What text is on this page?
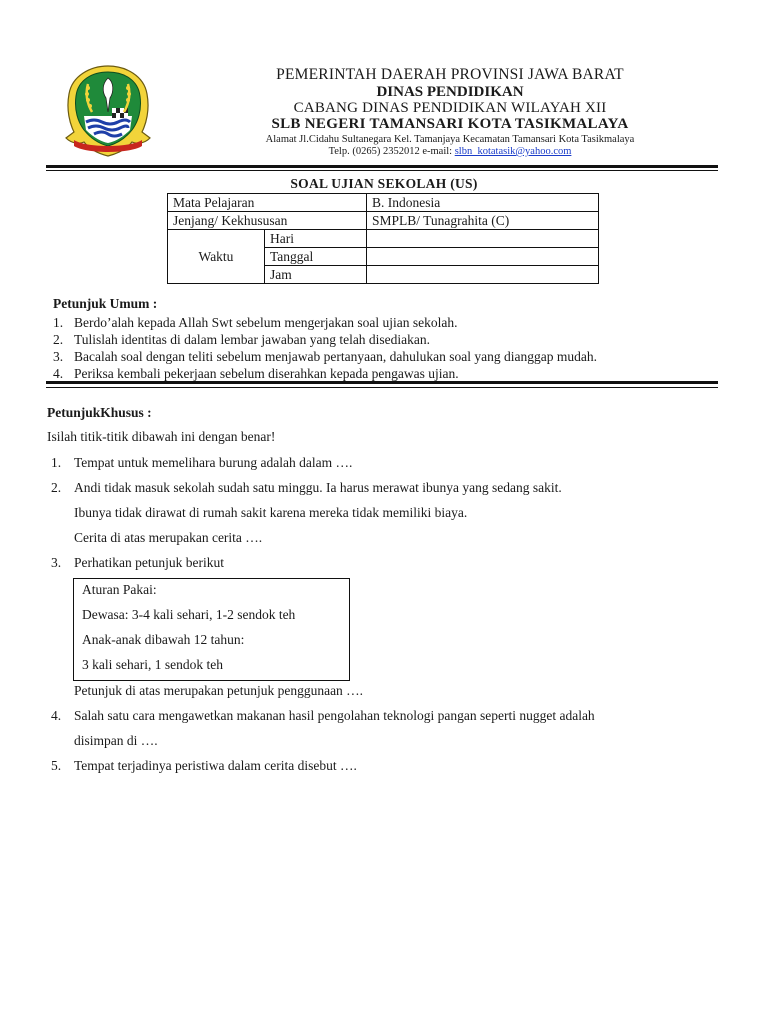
PEMERINTAH DAERAH PROVINSI JAWA BARAT
DINAS PENDIDIKAN
CABANG DINAS PENDIDIKAN WILAYAH XII
SLB NEGERI TAMANSARI KOTA TASIKMALAYA
Alamat Jl.Cidahu Sultanegara Kel. Tamanjaya Kecamatan Tamansari Kota Tasikmalaya
Telp. (0265) 2352012 e-mail: slbn_kotatasik@yahoo.com
SOAL UJIAN SEKOLAH (US)
Mata Pelajaran		B. Indonesia
Jenjang/ Kekhususan		SMPLB/ Tunagrahita (C)
Waktu	Hari	
	Tanggal	
	Jam	
Petunjuk Umum :
1. Berdo’alah kepada Allah Swt sebelum mengerjakan soal ujian sekolah.
2. Tulislah identitas di dalam lembar jawaban yang telah disediakan.
3. Bacalah soal dengan teliti sebelum menjawab pertanyaan, dahulukan soal yang dianggap mudah.
4. Periksa kembali pekerjaan sebelum diserahkan kepada pengawas ujian.
PetunjukKhusus :
Isilah titik-titik dibawah ini dengan benar!
1. Tempat untuk memelihara burung adalah dalam ….
2. Andi tidak masuk sekolah sudah satu minggu. Ia harus merawat ibunya yang sedang sakit.
Ibunya tidak dirawat di rumah sakit karena mereka tidak memiliki biaya.
Cerita di atas merupakan cerita ….
3. Perhatikan petunjuk berikut
Aturan Pakai:
Dewasa: 3-4 kali sehari, 1-2 sendok teh
Anak-anak dibawah 12 tahun:
3 kali sehari, 1 sendok teh
Petunjuk di atas merupakan petunjuk penggunaan ….
4. Salah satu cara mengawetkan makanan hasil pengolahan teknologi pangan seperti nugget adalah
disimpan di ….
5. Tempat terjadinya peristiwa dalam cerita disebut ….
